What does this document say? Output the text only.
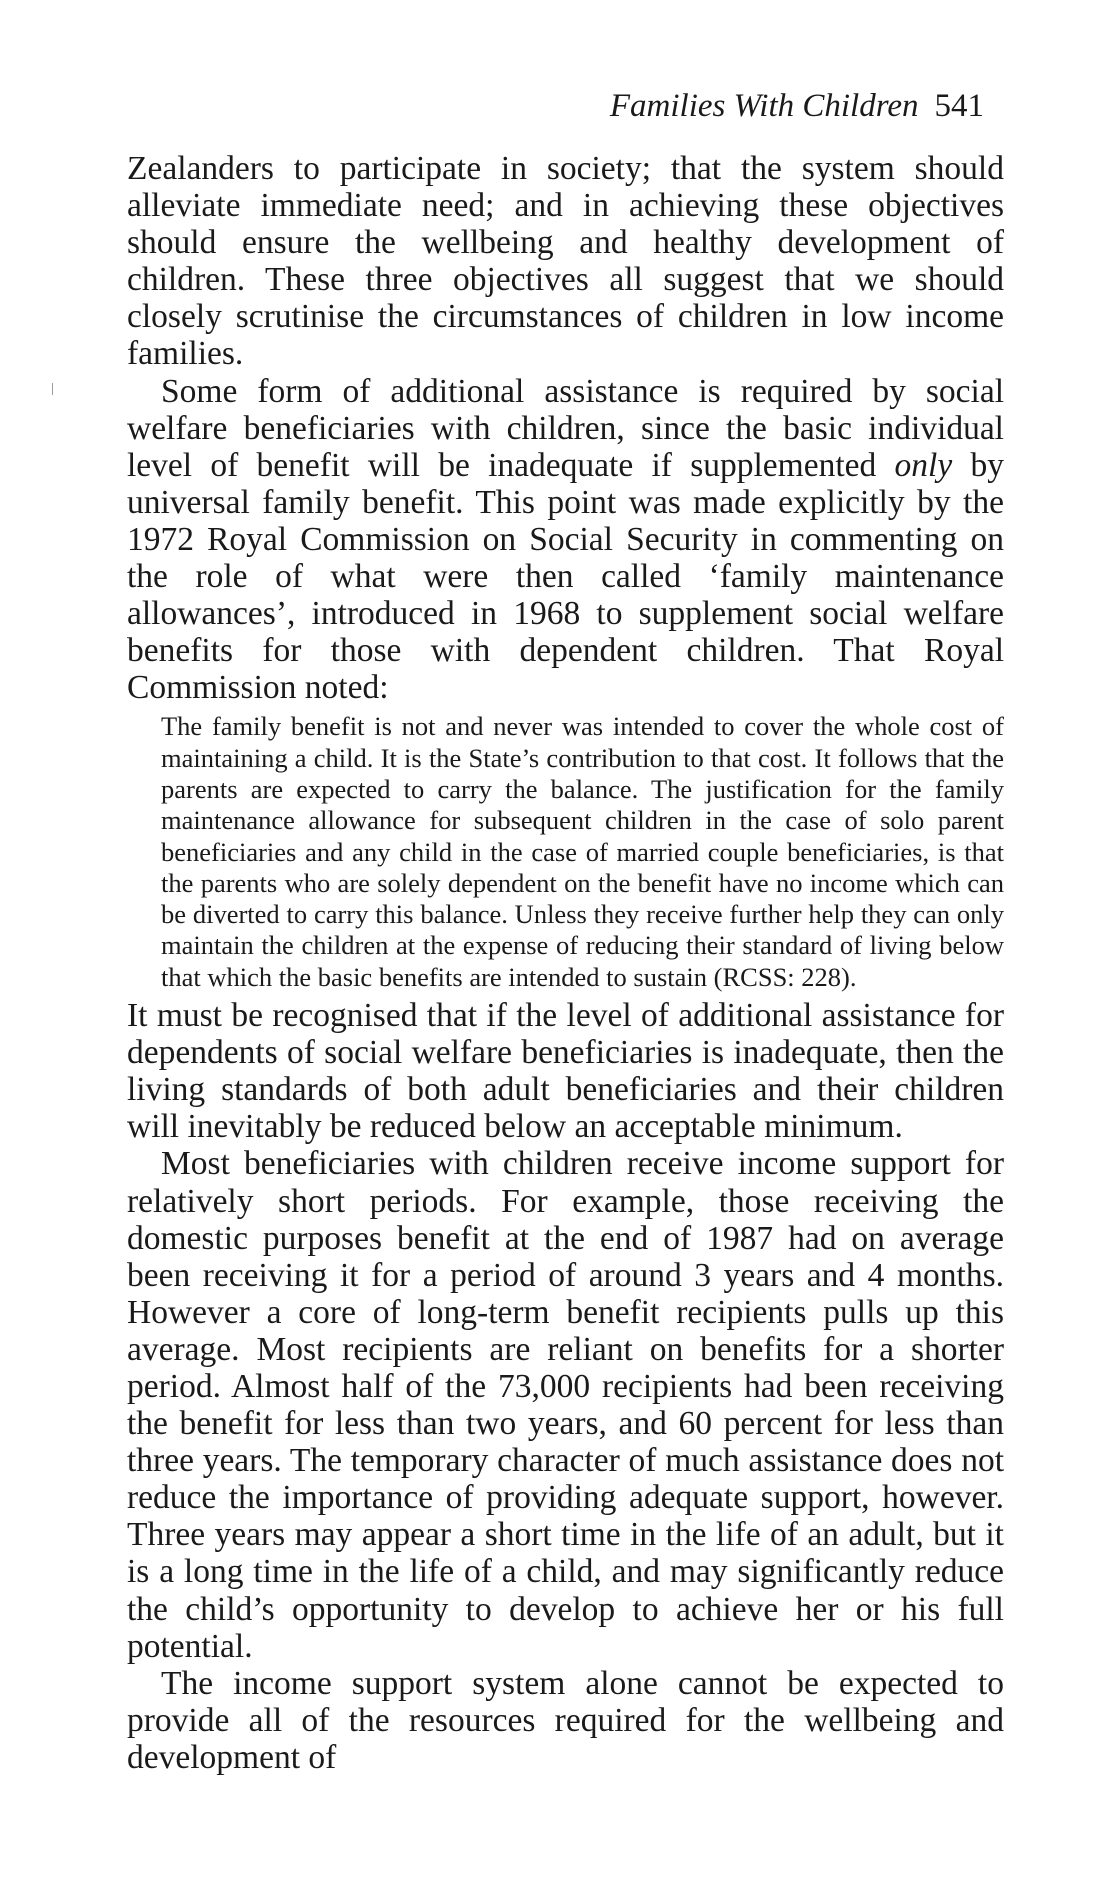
Families With Children 541

Zealanders to participate in society; that the system should alleviate immediate need; and in achieving these objectives should ensure the wellbeing and healthy development of children. These three objectives all suggest that we should closely scrutinise the circumstances of children in low income families.

Some form of additional assistance is required by social welfare beneficiaries with children, since the basic individual level of benefit will be inadequate if supplemented only by universal family benefit. This point was made explicitly by the 1972 Royal Commission on Social Security in commenting on the role of what were then called ‘family maintenance allowances’, introduced in 1968 to supplement social welfare benefits for those with dependent children. That Royal Commission noted:

The family benefit is not and never was intended to cover the whole cost of maintaining a child. It is the State’s contribution to that cost. It follows that the parents are expected to carry the balance. The justification for the family maintenance allowance for subsequent children in the case of solo parent beneficiaries and any child in the case of married couple beneficiaries, is that the parents who are solely dependent on the benefit have no income which can be diverted to carry this balance. Unless they receive further help they can only maintain the children at the expense of reducing their standard of living below that which the basic benefits are intended to sustain (RCSS: 228).

It must be recognised that if the level of additional assistance for dependents of social welfare beneficiaries is inadequate, then the living standards of both adult beneficiaries and their children will inevitably be reduced below an acceptable minimum.

Most beneficiaries with children receive income support for relatively short periods. For example, those receiving the domestic purposes benefit at the end of 1987 had on average been receiving it for a period of around 3 years and 4 months. However a core of long-term benefit recipients pulls up this average. Most recipients are reliant on benefits for a shorter period. Almost half of the 73,000 recipients had been receiving the benefit for less than two years, and 60 percent for less than three years. The temporary character of much assistance does not reduce the importance of providing adequate support, however. Three years may appear a short time in the life of an adult, but it is a long time in the life of a child, and may significantly reduce the child’s opportunity to develop to achieve her or his full potential.

The income support system alone cannot be expected to provide all of the resources required for the wellbeing and development of
